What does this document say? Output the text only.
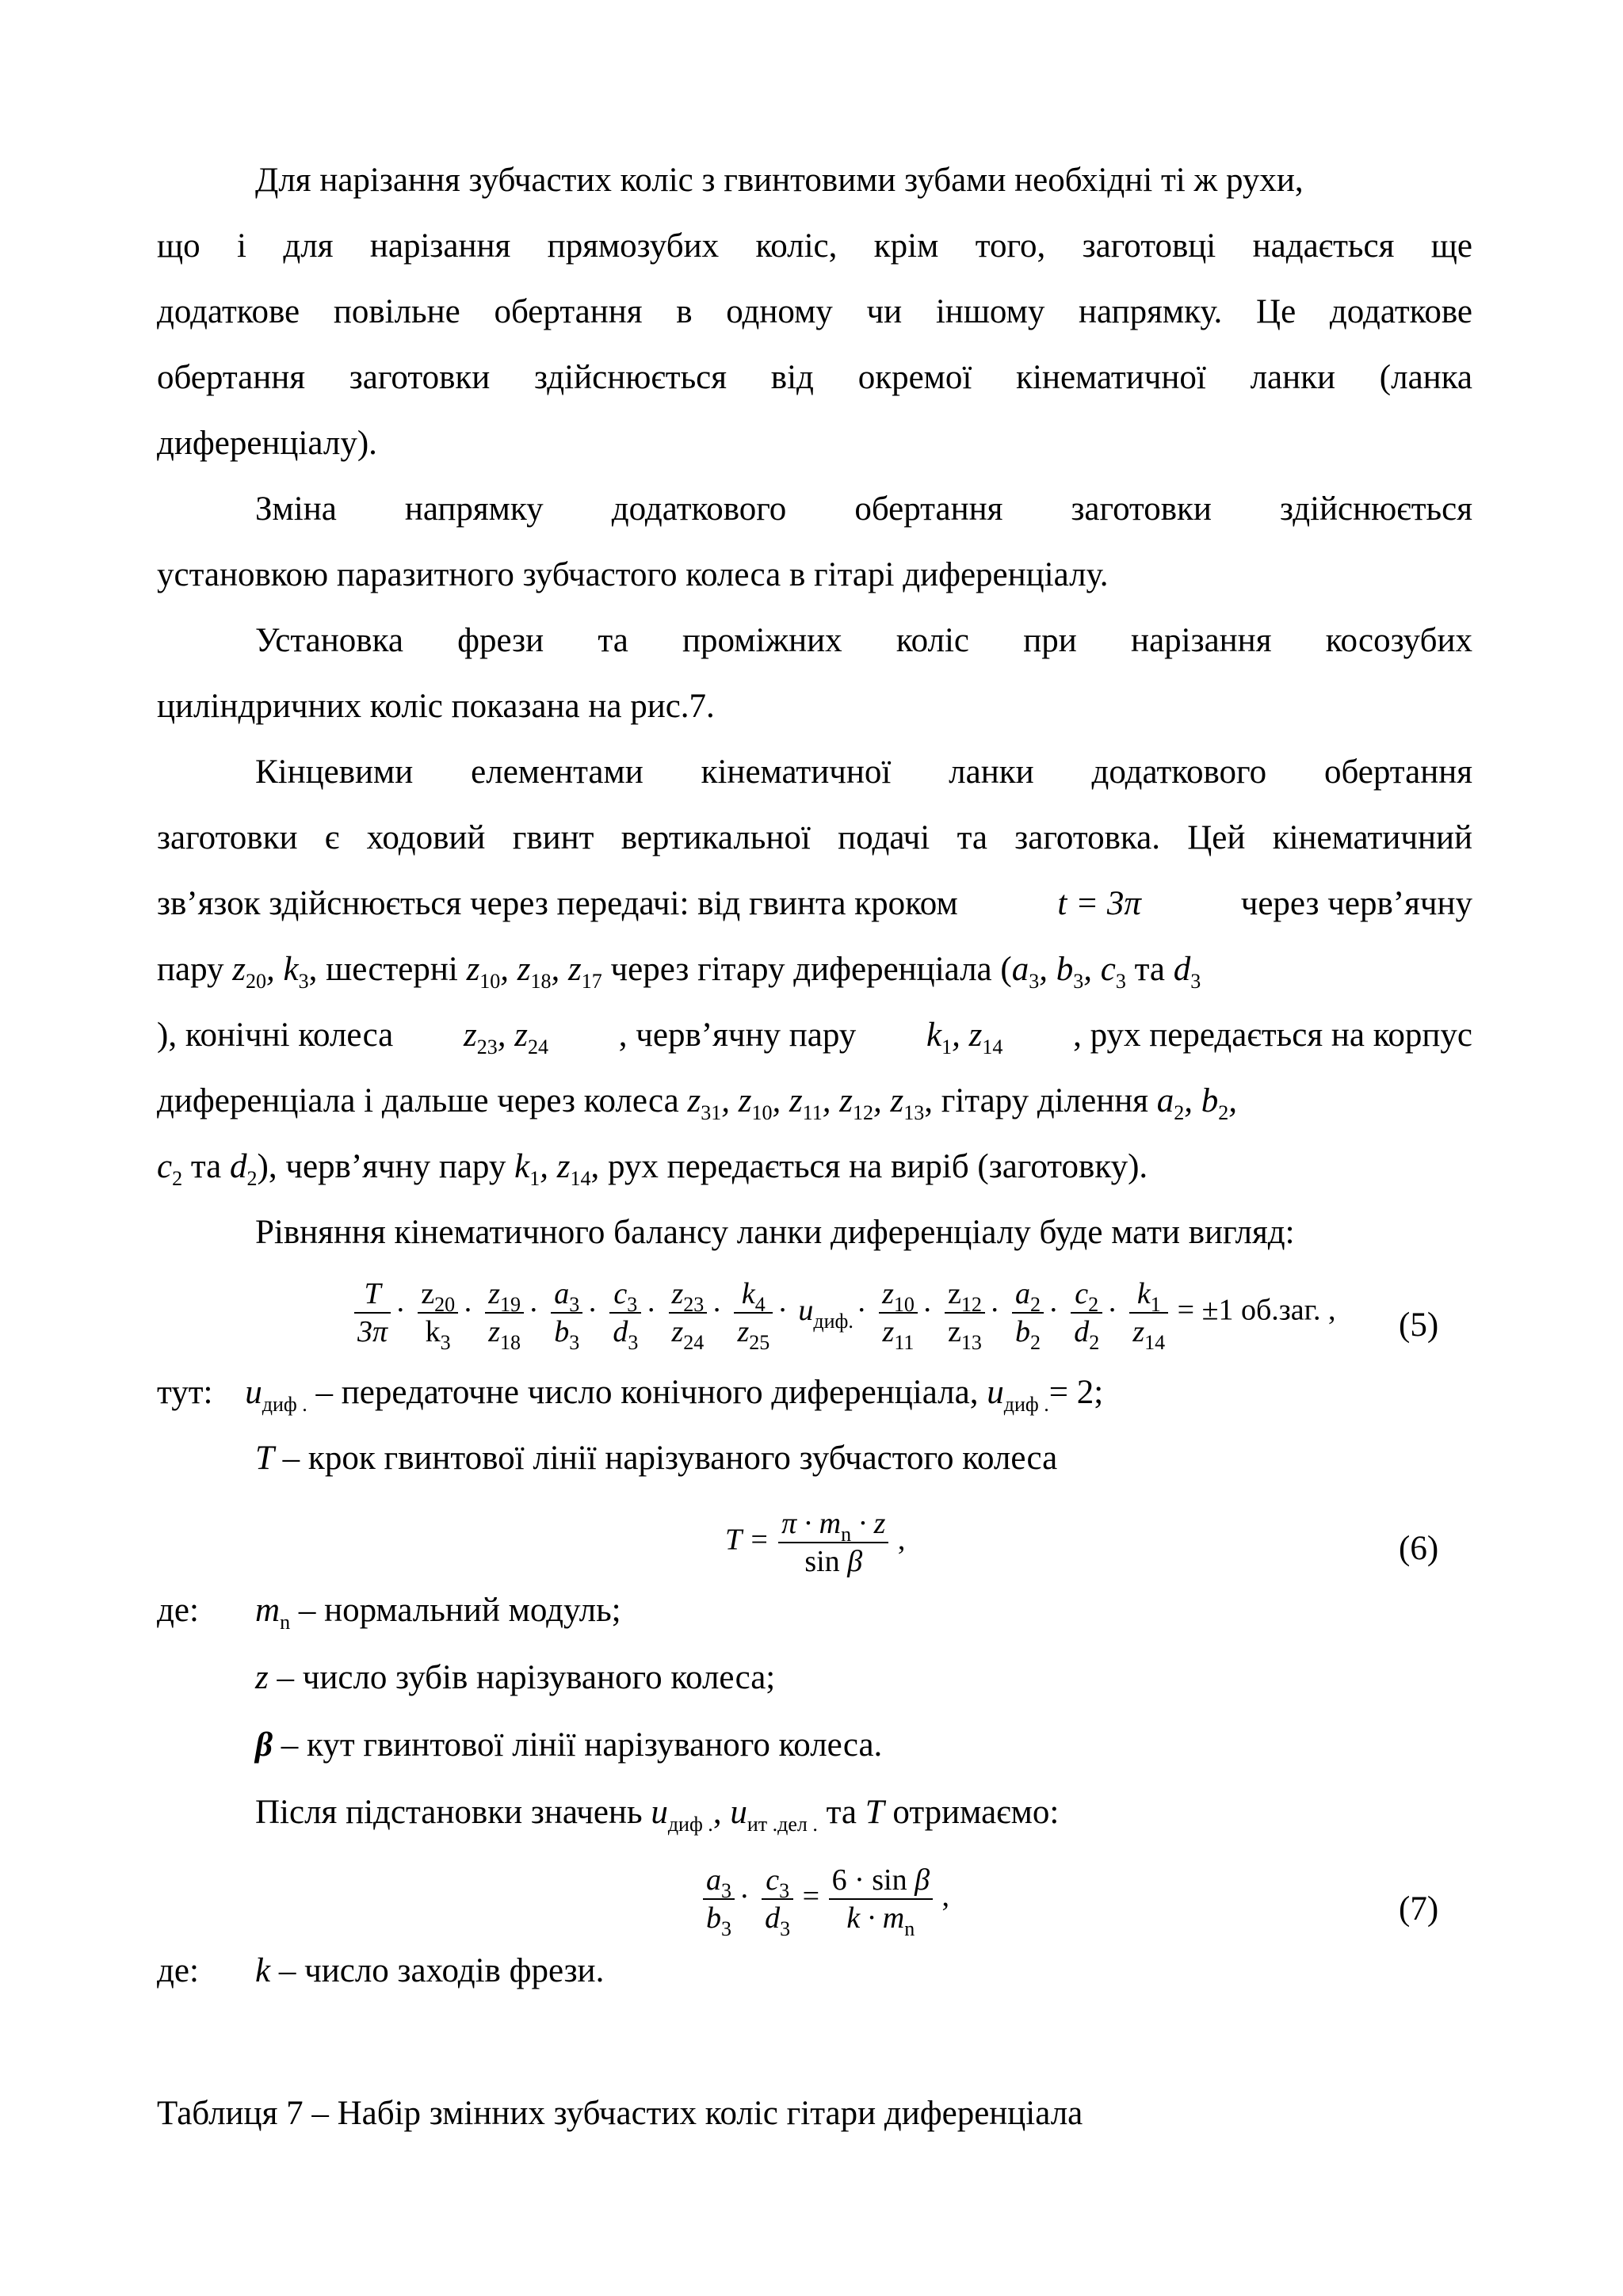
Для нарізання зубчастих коліс з гвинтовими зубами необхідні ті ж рухи,
що і для нарізання прямозубих коліс, крім того, заготовці надається ще
додаткове повільне обертання в одному чи іншому напрямку. Це додаткове
обертання заготовки здійснюється від окремої кінематичної ланки (ланка
диференціалу).
Зміна напрямку додаткового обертання заготовки здійснюється
установкою паразитного зубчастого колеса в гітарі диференціалу.
Установка фрези та проміжних коліс при нарізання косозубих
циліндричних коліс показана на рис.7.
Кінцевими елементами кінематичної ланки додаткового обертання
заготовки є ходовий гвинт вертикальної подачі та заготовка. Цей кінематичний
зв’язок здійснюється через передачі: від гвинта кроком	t = 3π	через черв’ячну
пару $z_{20}$, $k_3$, шестерні $z_{10}$, $z_{18}$, $z_{17}$ через гітару диференціала ($a_3$, $b_3$, $c_3$ та $d_3$
), конічні колеса $z_{23}$, $z_{24}$ , черв’ячну пару $k_1$, $z_{14}$ , рух передається на корпус
диференціала і дальше через колеса $z_{31}$, $z_{10}$, $z_{11}$, $z_{12}$, $z_{13}$, гітару ділення $a_2$, $b_2$,
$c_2$ та $d_2$), черв’ячну пару $k_1$, $z_{14}$, рух передається на виріб (заготовку).
Рівняння кінематичного балансу ланки диференціалу буде мати вигляд:
$\frac{T}{3\pi} \cdot \frac{z_{20}}{k_3} \cdot \frac{z_{19}}{z_{18}} \cdot \frac{a_3}{b_3} \cdot \frac{c_3}{d_3} \cdot \frac{z_{23}}{z_{24}} \cdot \frac{k_4}{z_{25}} \cdot u_{диф.} \cdot \frac{z_{10}}{z_{11}} \cdot \frac{z_{12}}{z_{13}} \cdot \frac{a_2}{b_2} \cdot \frac{c_2}{d_2} \cdot \frac{k_1}{z_{14}} = \pm 1$ об.заг. , (5)
тут: $u_{диф .}$ – передаточне число конічного диференціала, $u_{диф .}= 2$;
T – крок гвинтової лінії нарізуваного зубчастого колеса
$T = \frac{\pi \cdot m_n \cdot z}{\text{sin β}}$ ,	(6)
де: $m_n$ – нормальний модуль;
z – число зубів нарізуваного колеса;
β – кут гвинтової лінії нарізуваного колеса.
Після підстановки значень $u_{диф .}$, $u_{ит .дел .}$ та T отримаємо:
$\frac{a_3}{b_3} \cdot \frac{c_3}{d_3} = \frac{\text{6 · sin β}}{k \cdot m_n}$ ,	(7)
де: k – число заходів фрези.
Таблиця 7 – Набір змінних зубчастих коліс гітари диференціала
